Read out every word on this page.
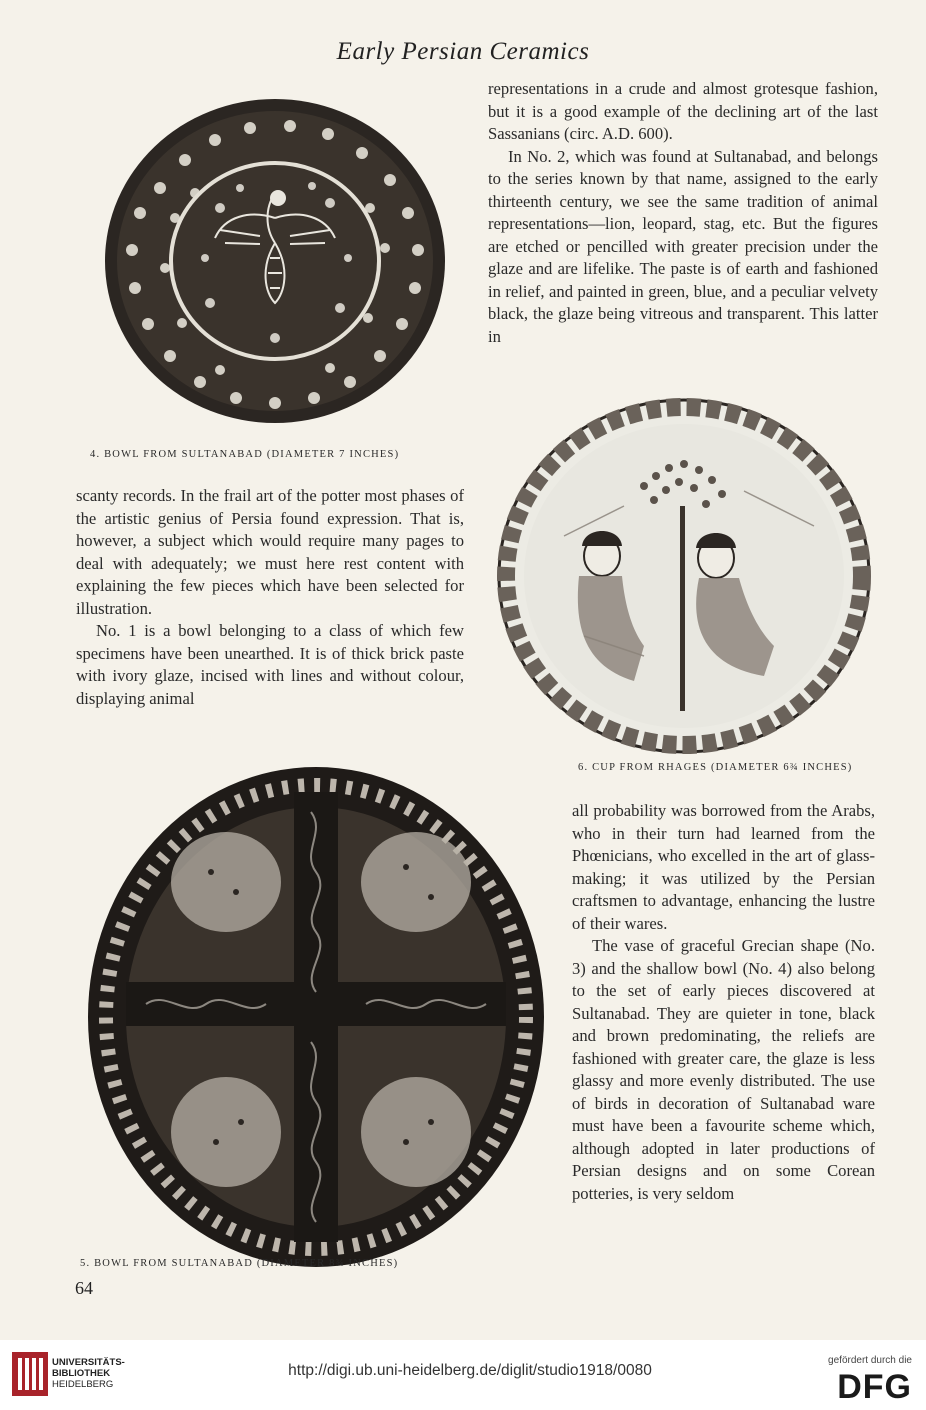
Early Persian Ceramics
4. BOWL FROM SULTANABAD (DIAMETER 7 INCHES)

representations in a crude and almost grotesque fashion, but it is a good example of the declining art of the last Sassanians (circ. A.D. 600).

In No. 2, which was found at Sultanabad, and belongs to the series known by that name, assigned to the early thirteenth century, we see the same tradition of animal representations—lion, leopard, stag, etc. But the figures are etched or pencilled with greater precision under the glaze and are lifelike. The paste is of earth and fashioned in relief, and painted in green, blue, and a peculiar velvety black, the glaze being vitreous and transparent. This latter in

scanty records. In the frail art of the potter most phases of the artistic genius of Persia found expression. That is, however, a subject which would require many pages to deal with adequately; we must here rest content with explaining the few pieces which have been selected for illustration.

No. 1 is a bowl belonging to a class of which few specimens have been unearthed. It is of thick brick paste with ivory glaze, incised with lines and without colour, displaying animal

6. CUP FROM RHAGES (DIAMETER 6¾ INCHES)
5. BOWL FROM SULTANABAD (DIAMETER 8¾ INCHES)
64

all probability was borrowed from the Arabs, who in their turn had learned from the Phœnicians, who excelled in the art of glass-making; it was utilized by the Persian craftsmen to advantage, enhancing the lustre of their wares.

The vase of graceful Grecian shape (No. 3) and the shallow bowl (No. 4) also belong to the set of early pieces discovered at Sultanabad. They are quieter in tone, black and brown predominating, the reliefs are fashioned with greater care, the glaze is less glassy and more evenly distributed. The use of birds in decoration of Sultanabad ware must have been a favourite scheme which, although adopted in later productions of Persian designs and on some Corean potteries, is very seldom

UNIVERSITÄTS-
BIBLIOTHEK
HEIDELBERG
http://digi.ub.uni-heidelberg.de/diglit/studio1918/0080
gefördert durch die
DFG
